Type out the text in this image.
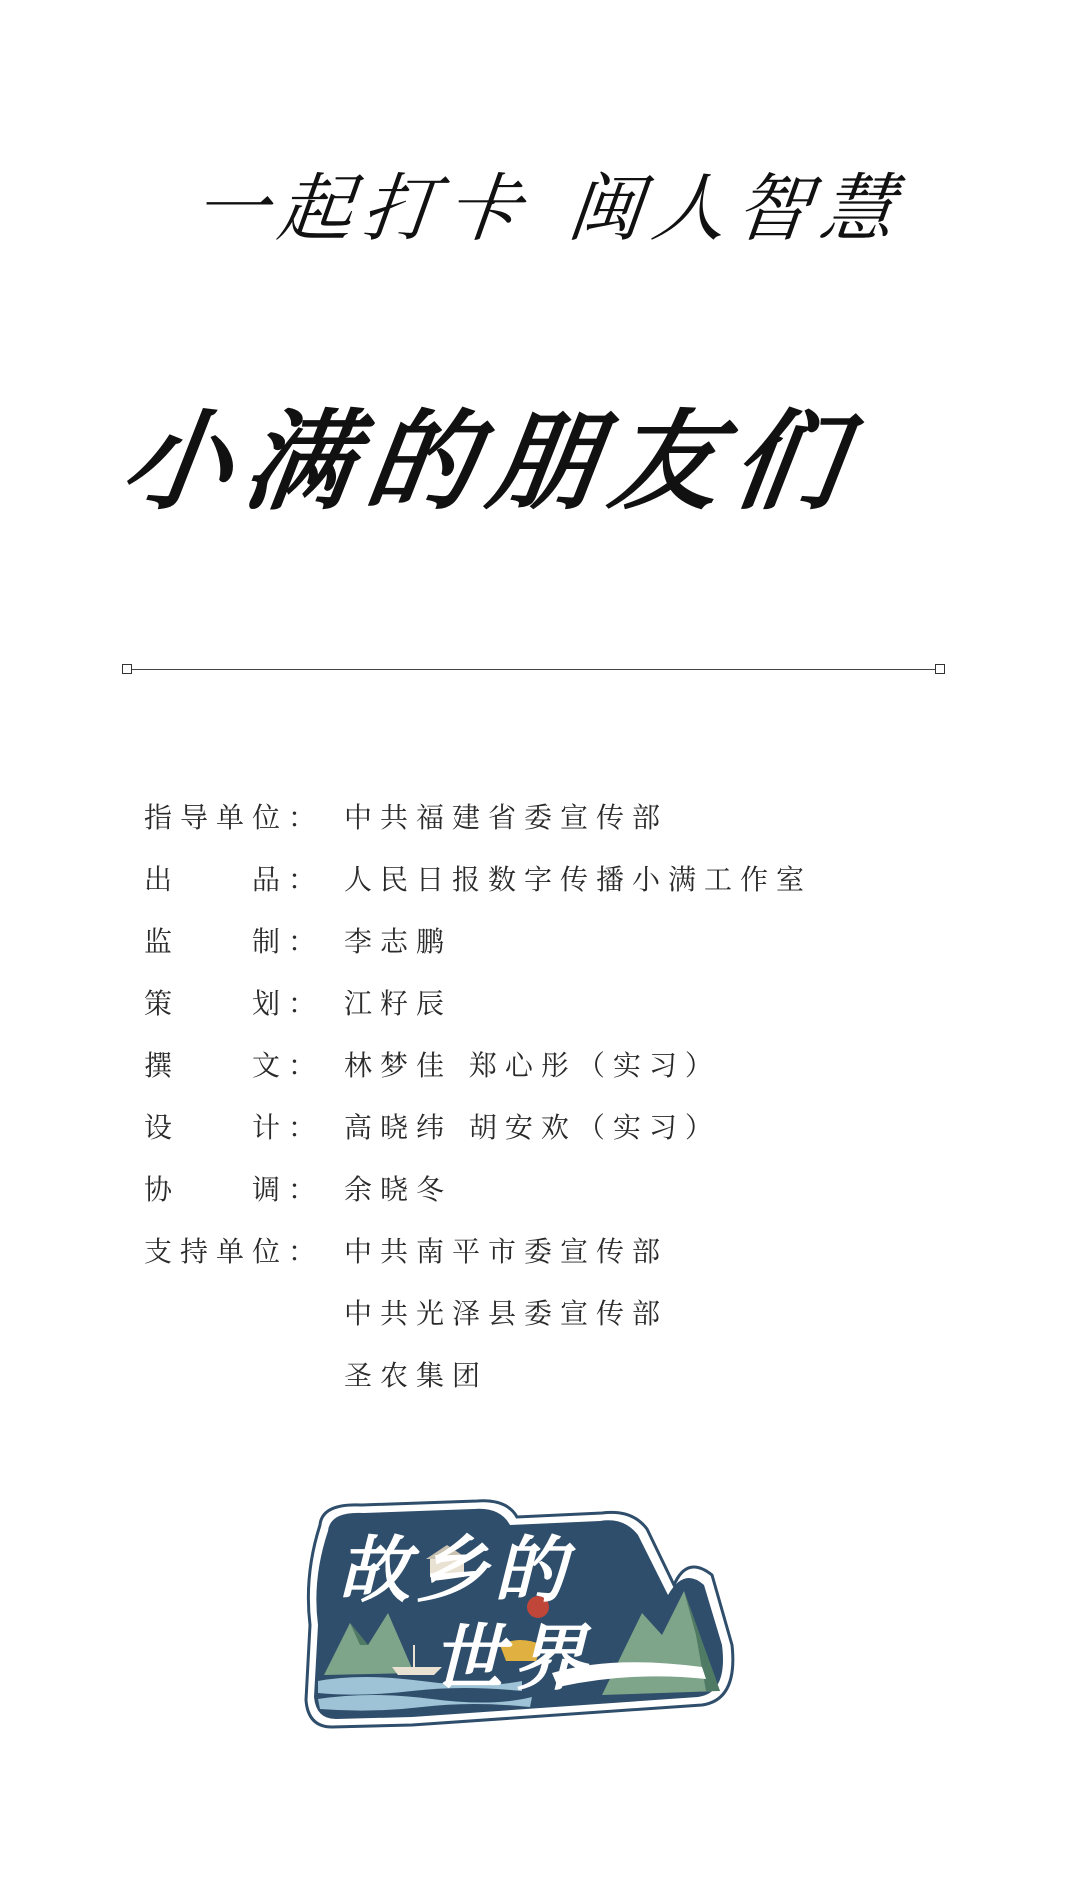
一起打卡 闽人智慧
小满的朋友们
指导单位： 中共福建省委宣传部
出　　品： 人民日报数字传播小满工作室
监　　制： 李志鹏
策　　划： 江籽辰
撰　　文： 林梦佳 郑心彤（实习）
设　　计： 高晓纬 胡安欢（实习）
协　　调： 余晓冬
支持单位： 中共南平市委宣传部
中共光泽县委宣传部
圣农集团
故乡的
世界
